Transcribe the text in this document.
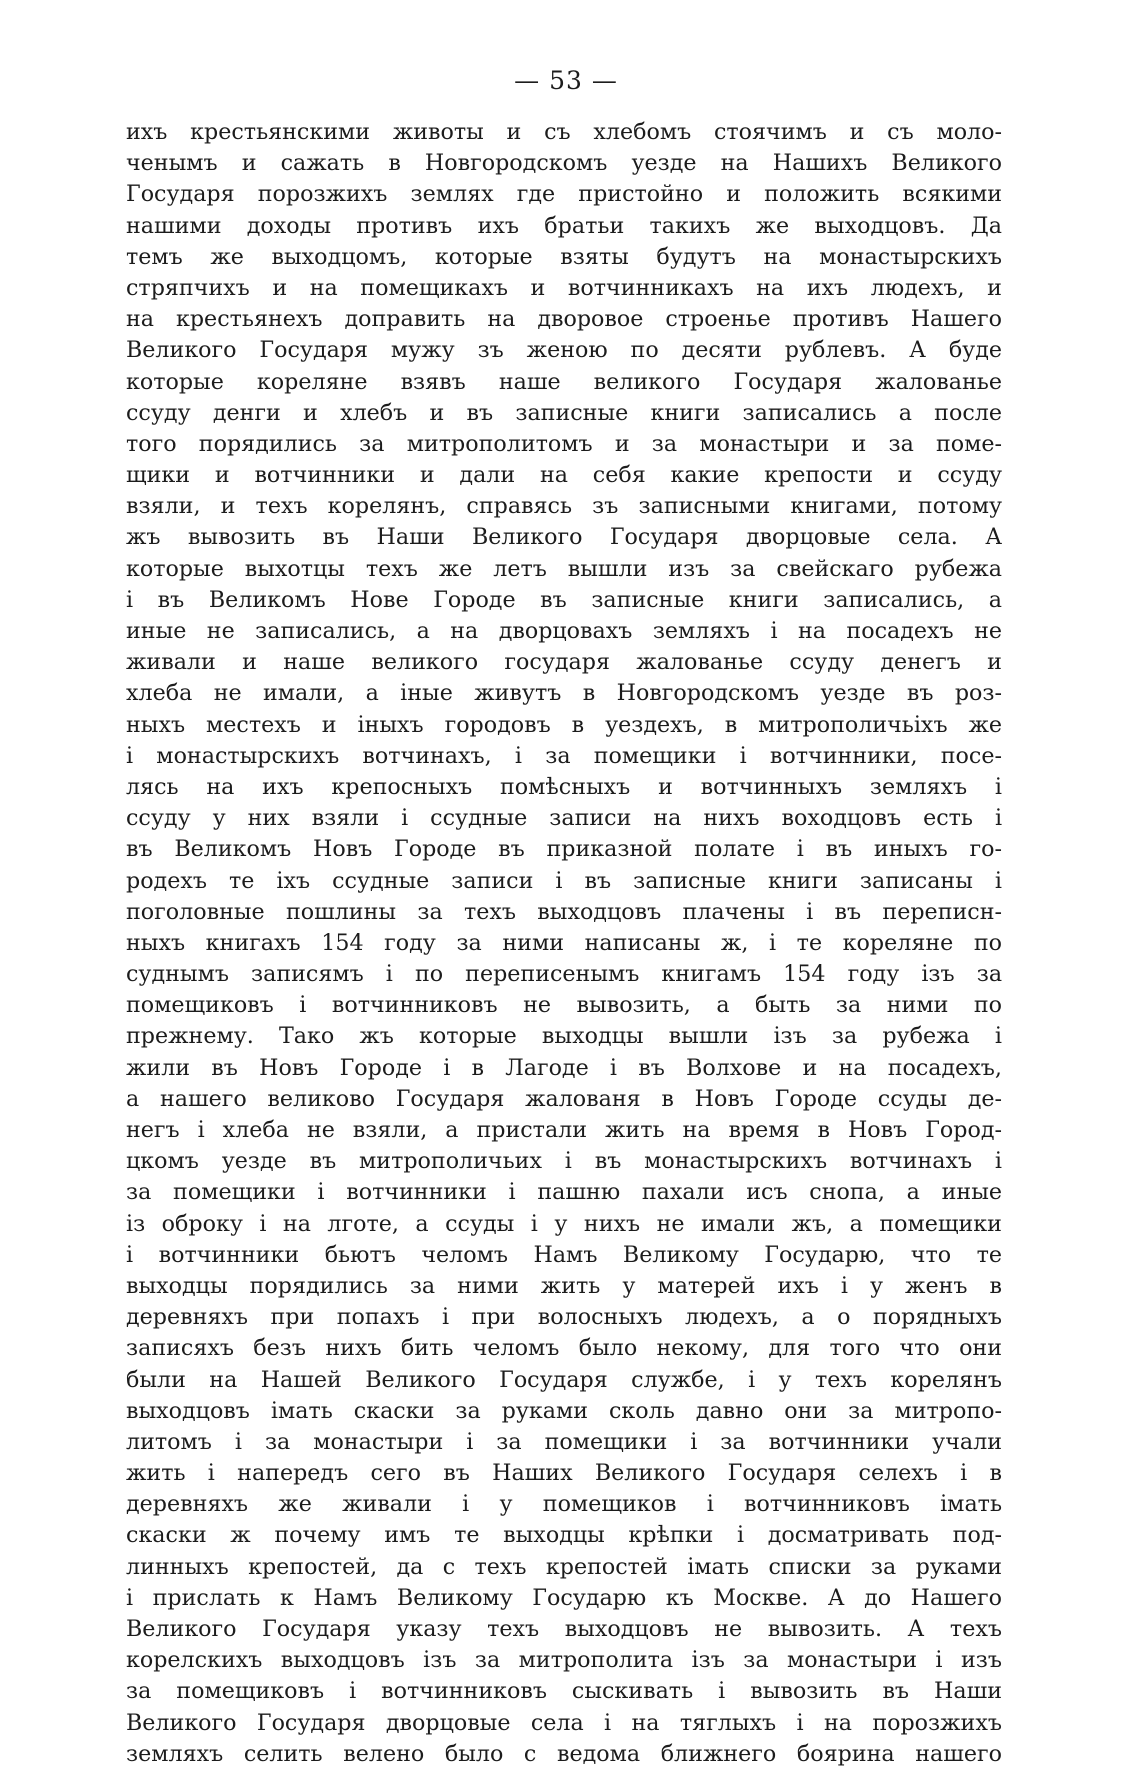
— 53 —
ихъ крестьянскими животы и съ хлебомъ стоячимъ и съ моло-
ченымъ и сажать в Новгородскомъ уезде на Нашихъ Великого
Государя порозжихъ землях где пристойно и положить всякими
нашими доходы противъ ихъ братьи такихъ же выходцовъ. Да
темъ же выходцомъ, которые взяты будутъ на монастырскихъ
стряпчихъ и на помещикахъ и вотчинникахъ на ихъ людехъ, и
на крестьянехъ доправить на дворовое строенье противъ Нашего
Великого Государя мужу зъ женою по десяти рублевъ. А буде
которые кореляне взявъ наше великого Государя жалованье
ссуду денги и хлебъ и въ записные книги записались а после
того порядились за митрополитомъ и за монастыри и за поме-
щики и вотчинники и дали на себя какие крепости и ссуду
взяли, и техъ корелянъ, справясь зъ записными книгами, потому
жъ вывозить въ Наши Великого Государя дворцовые села. А
которые выхотцы техъ же летъ вышли изъ за свейскаго рубежа
і въ Великомъ Нове Городе въ записные книги записались, а
иные не записались, а на дворцовахъ земляхъ і на посадехъ не
живали и наше великого государя жалованье ссуду денегъ и
хлеба не имали, а іные живутъ в Новгородскомъ уезде въ роз-
ныхъ местехъ и іныхъ городовъ в уездехъ, в митрополичьіхъ же
і монастырскихъ вотчинахъ, і за помещики і вотчинники, посе-
лясь на ихъ крепосныхъ помѣсныхъ и вотчинныхъ земляхъ і
ссуду у них взяли і ссудные записи на нихъ воходцовъ есть і
въ Великомъ Новъ Городе въ приказной полате і въ иныхъ го-
родехъ те іхъ ссудные записи і въ записные книги записаны і
поголовные пошлины за техъ выходцовъ плачены і въ переписн-
ныхъ книгахъ 154 году за ними написаны ж, і те кореляне по
суднымъ записямъ і по переписенымъ книгамъ 154 году ізъ за
помещиковъ і вотчинниковъ не вывозить, а быть за ними по
прежнему. Тако жъ которые выходцы вышли ізъ за рубежа і
жили въ Новъ Городе і в Лагоде і въ Волхове и на посадехъ,
а нашего великово Государя жалованя в Новъ Городе ссуды де-
негъ і хлеба не взяли, а пристали жить на время в Новъ Город-
цкомъ уезде въ митрополичьих і въ монастырскихъ вотчинахъ і
за помещики і вотчинники і пашню пахали исъ снопа, а иные
із оброку і на лготе, а ссуды і у нихъ не имали жъ, а помещики
і вотчинники бьютъ челомъ Намъ Великому Государю, что те
выходцы порядились за ними жить у матерей ихъ і у женъ в
деревняхъ при попахъ і при волосныхъ людехъ, а о порядныхъ
записяхъ безъ нихъ бить челомъ было некому, для того что они
были на Нашей Великого Государя службе, і у техъ корелянъ
выходцовъ імать скаски за руками сколь давно они за митропо-
литомъ і за монастыри і за помещики і за вотчинники учали
жить і напередъ сего въ Наших Великого Государя селехъ і в
деревняхъ же живали і у помещиков і вотчинниковъ імать
скаски ж почему имъ те выходцы крѣпки і досматривать под-
линныхъ крепостей, да с техъ крепостей імать списки за руками
і прислать к Намъ Великому Государю къ Москве. А до Нашего
Великого Государя указу техъ выходцовъ не вывозить. А техъ
корелскихъ выходцовъ ізъ за митрополита ізъ за монастыри і изъ
за помещиковъ і вотчинниковъ сыскивать і вывозить въ Наши
Великого Государя дворцовые села і на тяглыхъ і на порозжихъ
земляхъ селить велено было с ведома ближнего боярина нашего
